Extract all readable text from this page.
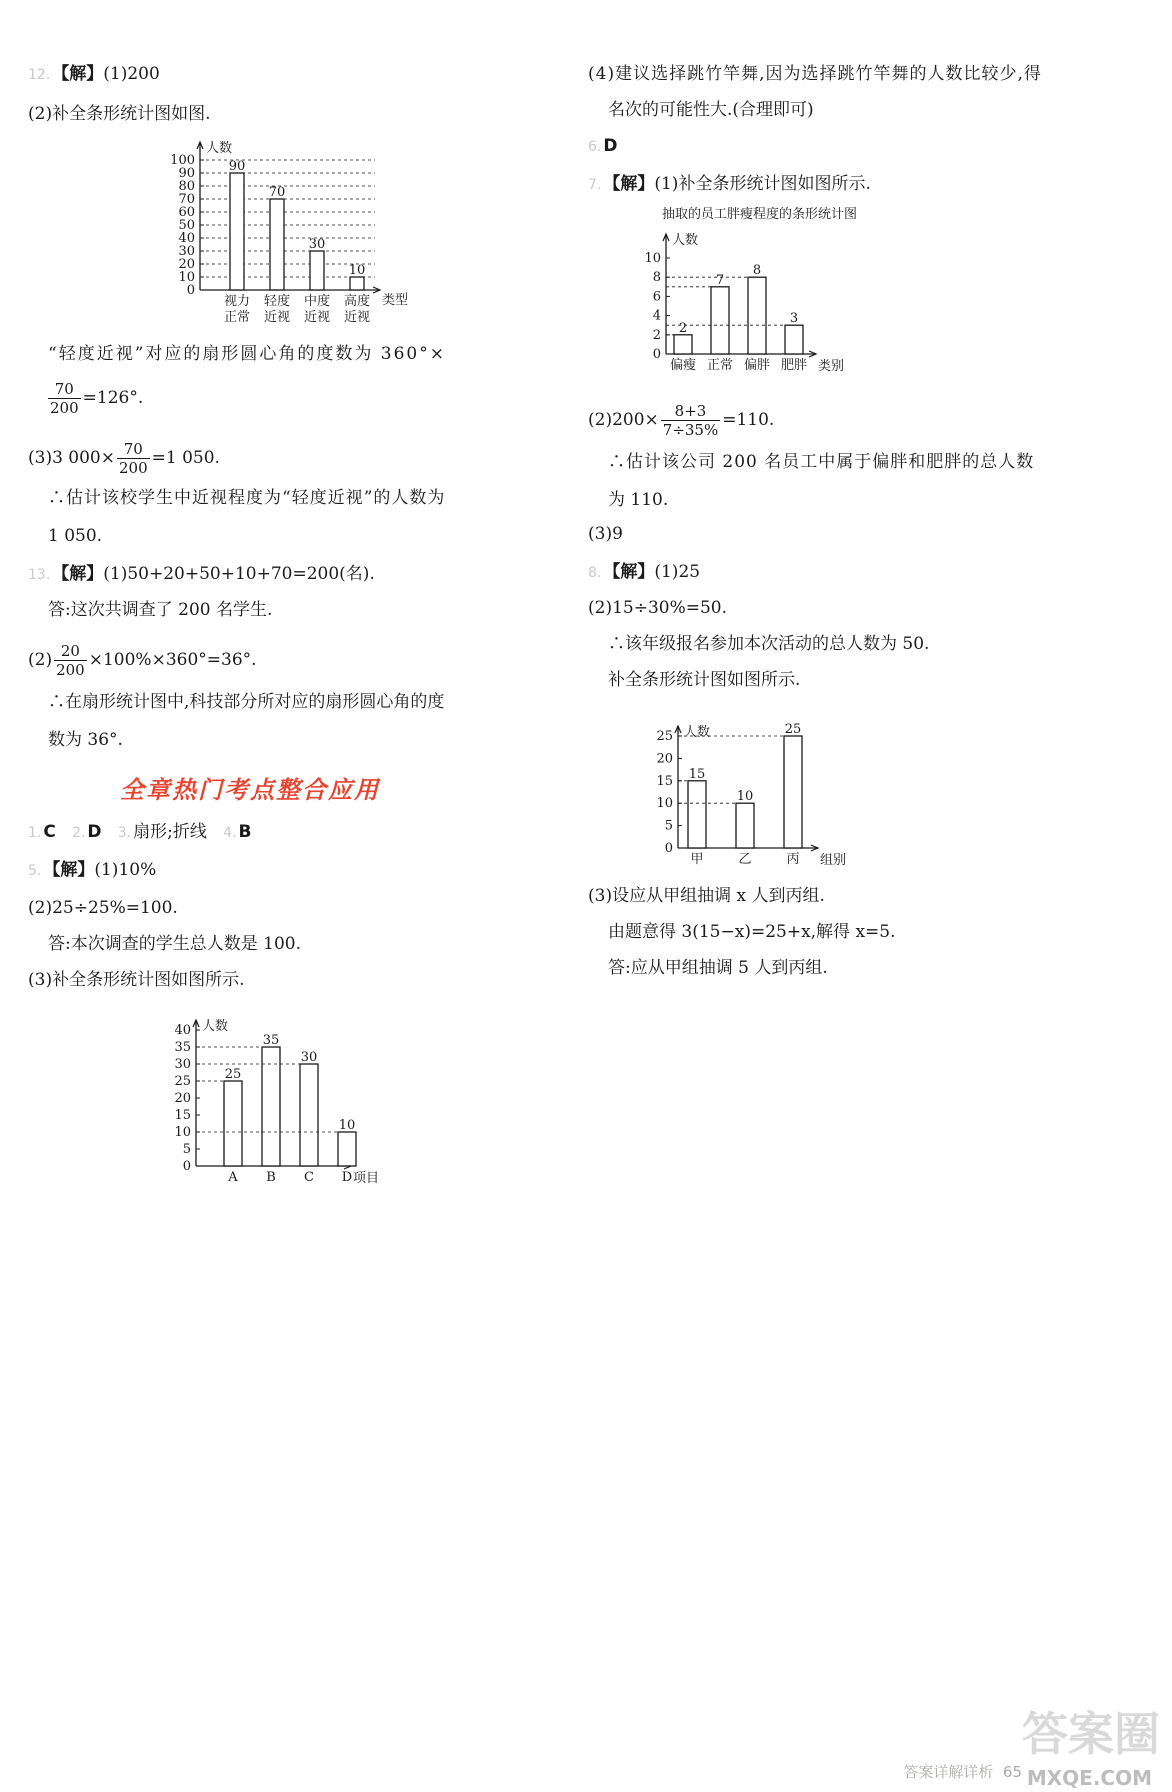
12. 【解】(1)200
(2)补全条形统计图如图.
人数
类型
0
10
20
30
40
50
60
70
80
90
100	90
视力
正常
70
轻度
近视
30
中度
近视
10
高度
近视
“轻度近视”对应的扇形圆心角的度数为 360°×
$\frac{70}{200} =126^\circ$.
(3)3 $000\times \frac{70}{200} =1$ 050.
∴估计该校学生中近视程度为“轻度近视”的人数为
1 050.
13. 【解】(1)50+20+50+10+70=200(名).
答:这次共调查了 200 名学生.
$(2) \frac{20}{200} \times 100\%\times 360^\circ=36^\circ$.
∴在扇形统计图中,科技部分所对应的扇形圆心角的度
数为 36°.
全章热门考点整合应用
1. C 2. D 3. 扇形;折线 4. B
5. 【解】(1)10%
(2)25÷25%=100.
答:本次调查的学生总人数是 100.
(3)补全条形统计图如图所示.
人数
项目
0
5
10
15
20
25
30
35
40
25
A
35
B
30
C
10
D
(4)建议选择跳竹竿舞,因为选择跳竹竿舞的人数比较少,得
名次的可能性大.(合理即可)
6. D
7. 【解】(1)补全条形统计图如图所示.
抽取的员工胖瘦程度的条形统计图
人数
类别
0
2
4
6
8
10
2
偏瘦
7
正常
8
偏胖
3
肥胖
$(2)200\times \frac{8+3}{7\div 35\%} =110$.
∴估计该公司 200 名员工中属于偏胖和肥胖的总人数
为 110.
(3)9
8. 【解】(1)25
(2)15÷30%=50.
∴该年级报名参加本次活动的总人数为 50.
补全条形统计图如图所示.
人数
组别
0
5
10
15
20
25
15
甲
10
乙
25
丙
(3)设应从甲组抽调 x 人到丙组.
由题意得 3(15−x)=25+x,解得 x=5.
答:应从甲组抽调 5 人到丙组.
答案详解详析 65
答案圈
MXQE.COM
